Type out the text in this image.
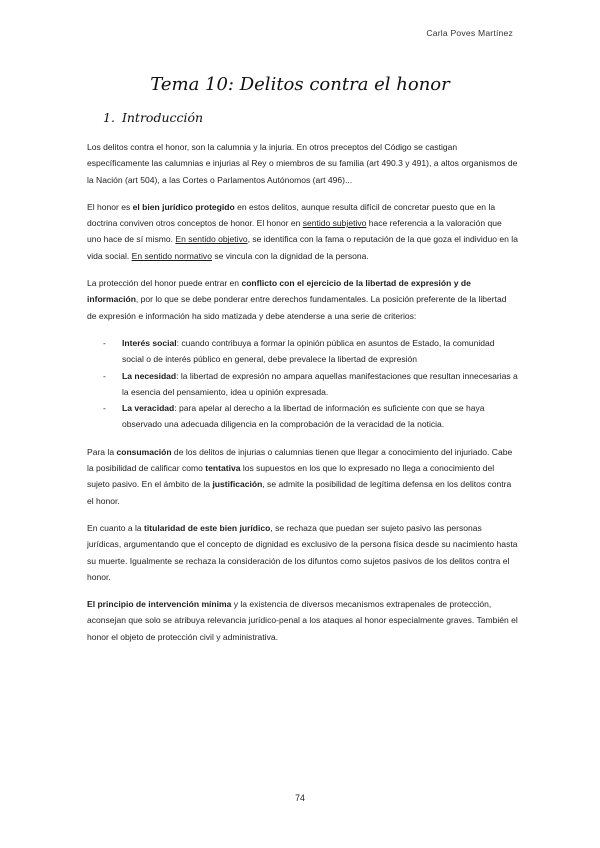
Carla Poves Martínez
Tema 10: Delitos contra el honor
1. Introducción

Los delitos contra el honor, son la calumnia y la injuria. En otros preceptos del Código se castigan específicamente las calumnias e injurias al Rey o miembros de su familia (art 490.3 y 491), a altos organismos de la Nación (art 504), a las Cortes o Parlamentos Autónomos (art 496)...

El honor es el bien jurídico protegido en estos delitos, aunque resulta difícil de concretar puesto que en la doctrina conviven otros conceptos de honor. El honor en sentido subjetivo hace referencia a la valoración que uno hace de sí mismo. En sentido objetivo, se identifica con la fama o reputación de la que goza el individuo en la vida social. En sentido normativo se vincula con la dignidad de la persona.

La protección del honor puede entrar en conflicto con el ejercicio de la libertad de expresión y de información, por lo que se debe ponderar entre derechos fundamentales. La posición preferente de la libertad de expresión e información ha sido matizada y debe atenderse a una serie de criterios:

- Interés social: cuando contribuya a formar la opinión pública en asuntos de Estado, la comunidad social o de interés público en general, debe prevalece la libertad de expresión
- La necesidad: la libertad de expresión no ampara aquellas manifestaciones que resultan innecesarias a la esencia del pensamiento, idea u opinión expresada.
- La veracidad: para apelar al derecho a la libertad de información es suficiente con que se haya observado una adecuada diligencia en la comprobación de la veracidad de la noticia.

Para la consumación de los delitos de injurias o calumnias tienen que llegar a conocimiento del injuriado. Cabe la posibilidad de calificar como tentativa los supuestos en los que lo expresado no llega a conocimiento del sujeto pasivo. En el ámbito de la justificación, se admite la posibilidad de legítima defensa en los delitos contra el honor.

En cuanto a la titularidad de este bien jurídico, se rechaza que puedan ser sujeto pasivo las personas jurídicas, argumentando que el concepto de dignidad es exclusivo de la persona física desde su nacimiento hasta su muerte. Igualmente se rechaza la consideración de los difuntos como sujetos pasivos de los delitos contra el honor.

El principio de intervención mínima y la existencia de diversos mecanismos extrapenales de protección, aconsejan que solo se atribuya relevancia jurídico-penal a los ataques al honor especialmente graves. También el honor el objeto de protección civil y administrativa.

74
